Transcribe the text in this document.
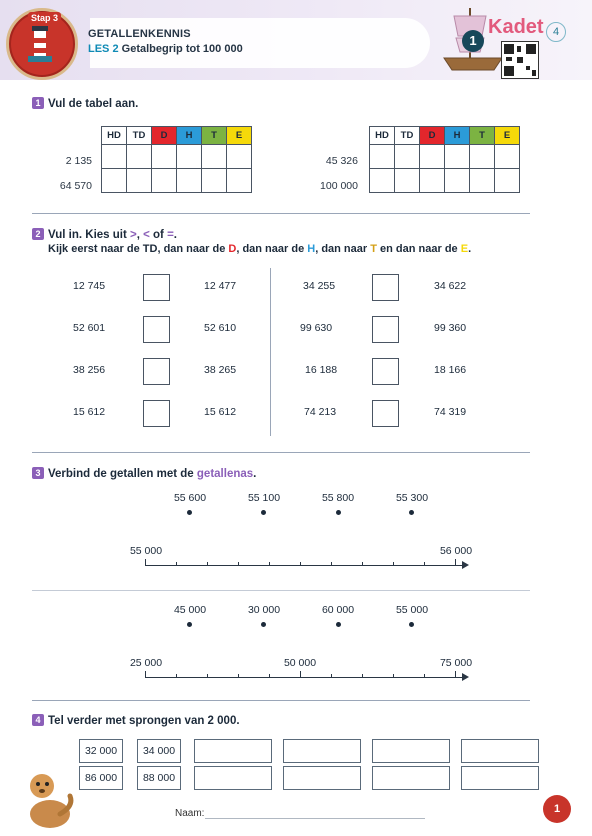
Stap 3
GETALLENKENNIS
LES 2 Getalbegrip tot 100 000
1
Kadet 4
1 Vul de tabel aan.
HD	TD	D	H	T	E

2 135
64 570
HD	TD	D	H	T	E

45 326
100 000
2 Vul in. Kies uit >, < of =.
Kijk eerst naar de TD, dan naar de D, dan naar de H, dan naar T en dan naar de E.
12 745	12 477
52 601	52 610
38 256	38 265
15 612	15 612
34 255	34 622
99 630	99 360
16 188	18 166
74 213	74 319
3 Verbind de getallen met de getallenas.
55 600	55 100	55 800	55 300
55 000	56 000
45 000	30 000	60 000	55 000
25 000	50 000	75 000
4 Tel verder met sprongen van 2 000.
32 000	34 000
86 000	88 000
Naam:	1
